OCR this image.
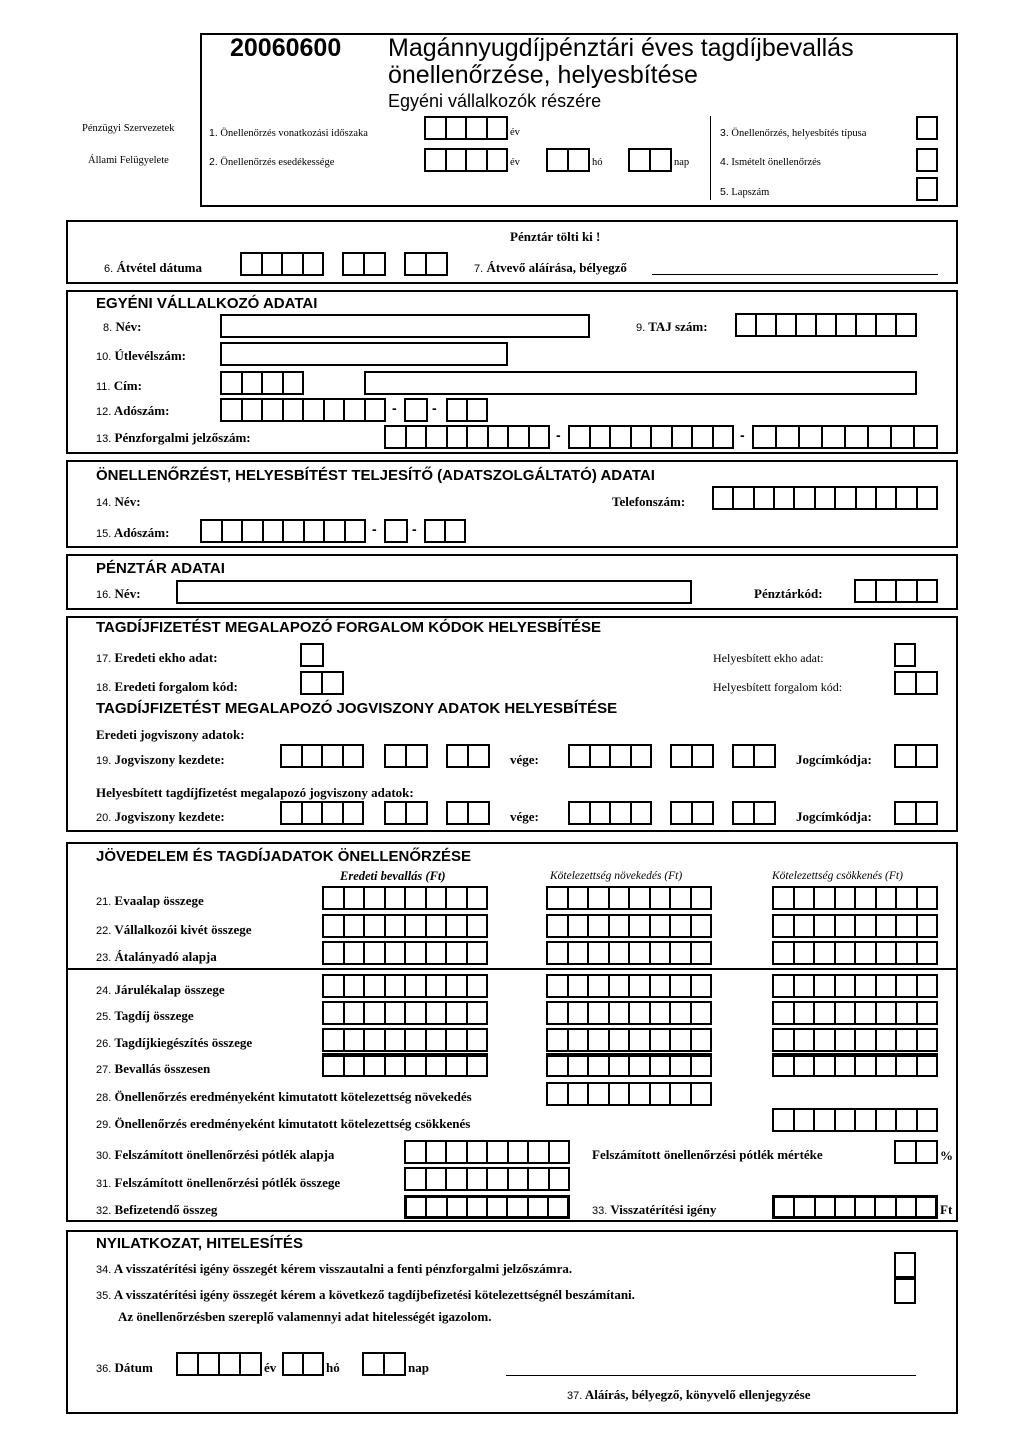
Pénzügyi Szervezetek
Állami Felügyelete
20060600 Magánnyugdíjpénztári éves tagdíjbevallás
önellenőrzése, helyesbítése
Egyéni vállalkozók részére
1. Önellenőrzés vonatkozási időszaka	év
2. Önellenőrzés esedékessége	év	hó	nap
3. Önellenőrzés, helyesbítés típusa
4. Ismételt önellenőrzés
5. Lapszám
Pénztár tölti ki !
6. Átvétel dátuma	7. Átvevő aláírása, bélyegző
EGYÉNI VÁLLALKOZÓ ADATAI
8. Név:	9. TAJ szám:
10. Útlevélszám:
11. Cím:
12. Adószám:	-	-
13. Pénzforgalmi jelzőszám:	-	-
ÖNELLENŐRZÉST, HELYESBÍTÉST TELJESÍTŐ (ADATSZOLGÁLTATÓ) ADATAI
14. Név:	Telefonszám:
15. Adószám:	-	-
PÉNZTÁR ADATAI
16. Név:	Pénztárkód:
TAGDÍJFIZETÉST MEGALAPOZÓ FORGALOM KÓDOK HELYESBÍTÉSE
17. Eredeti ekho adat:	Helyesbített ekho adat:
18. Eredeti forgalom kód:	Helyesbített forgalom kód:
TAGDÍJFIZETÉST MEGALAPOZÓ JOGVISZONY ADATOK HELYESBÍTÉSE
Eredeti jogviszony adatok:
19. Jogviszony kezdete:	vége:	Jogcímkódja:
Helyesbített tagdíjfizetést megalapozó jogviszony adatok:
20. Jogviszony kezdete:	vége:	Jogcímkódja:
JÖVEDELEM ÉS TAGDÍJADATOK ÖNELLENŐRZÉSE
Eredeti bevallás (Ft)	Kötelezettség növekedés (Ft)	Kötelezettség csökkenés (Ft)
21. Evaalap összege
22. Vállalkozói kivét összege
23. Átalányadó alapja
24. Járulékalap összege
25. Tagdíj összege
26. Tagdíjkiegészítés összege
27. Bevallás összesen
28. Önellenőrzés eredményeként kimutatott kötelezettség növekedés
29. Önellenőrzés eredményeként kimutatott kötelezettség csökkenés
30. Felszámított önellenőrzési pótlék alapja	Felszámított önellenőrzési pótlék mértéke	%
31. Felszámított önellenőrzési pótlék összege
32. Befizetendő összeg	33. Visszatérítési igény	Ft
NYILATKOZAT, HITELESÍTÉS
34. A visszatérítési igény összegét kérem visszautalni a fenti pénzforgalmi jelzőszámra.
35. A visszatérítési igény összegét kérem a következő tagdíjbefizetési kötelezettségnél beszámítani.
Az önellenőrzésben szereplő valamennyi adat hitelességét igazolom.
36. Dátum	év	hó	nap
37. Aláírás, bélyegző, könyvelő ellenjegyzése
